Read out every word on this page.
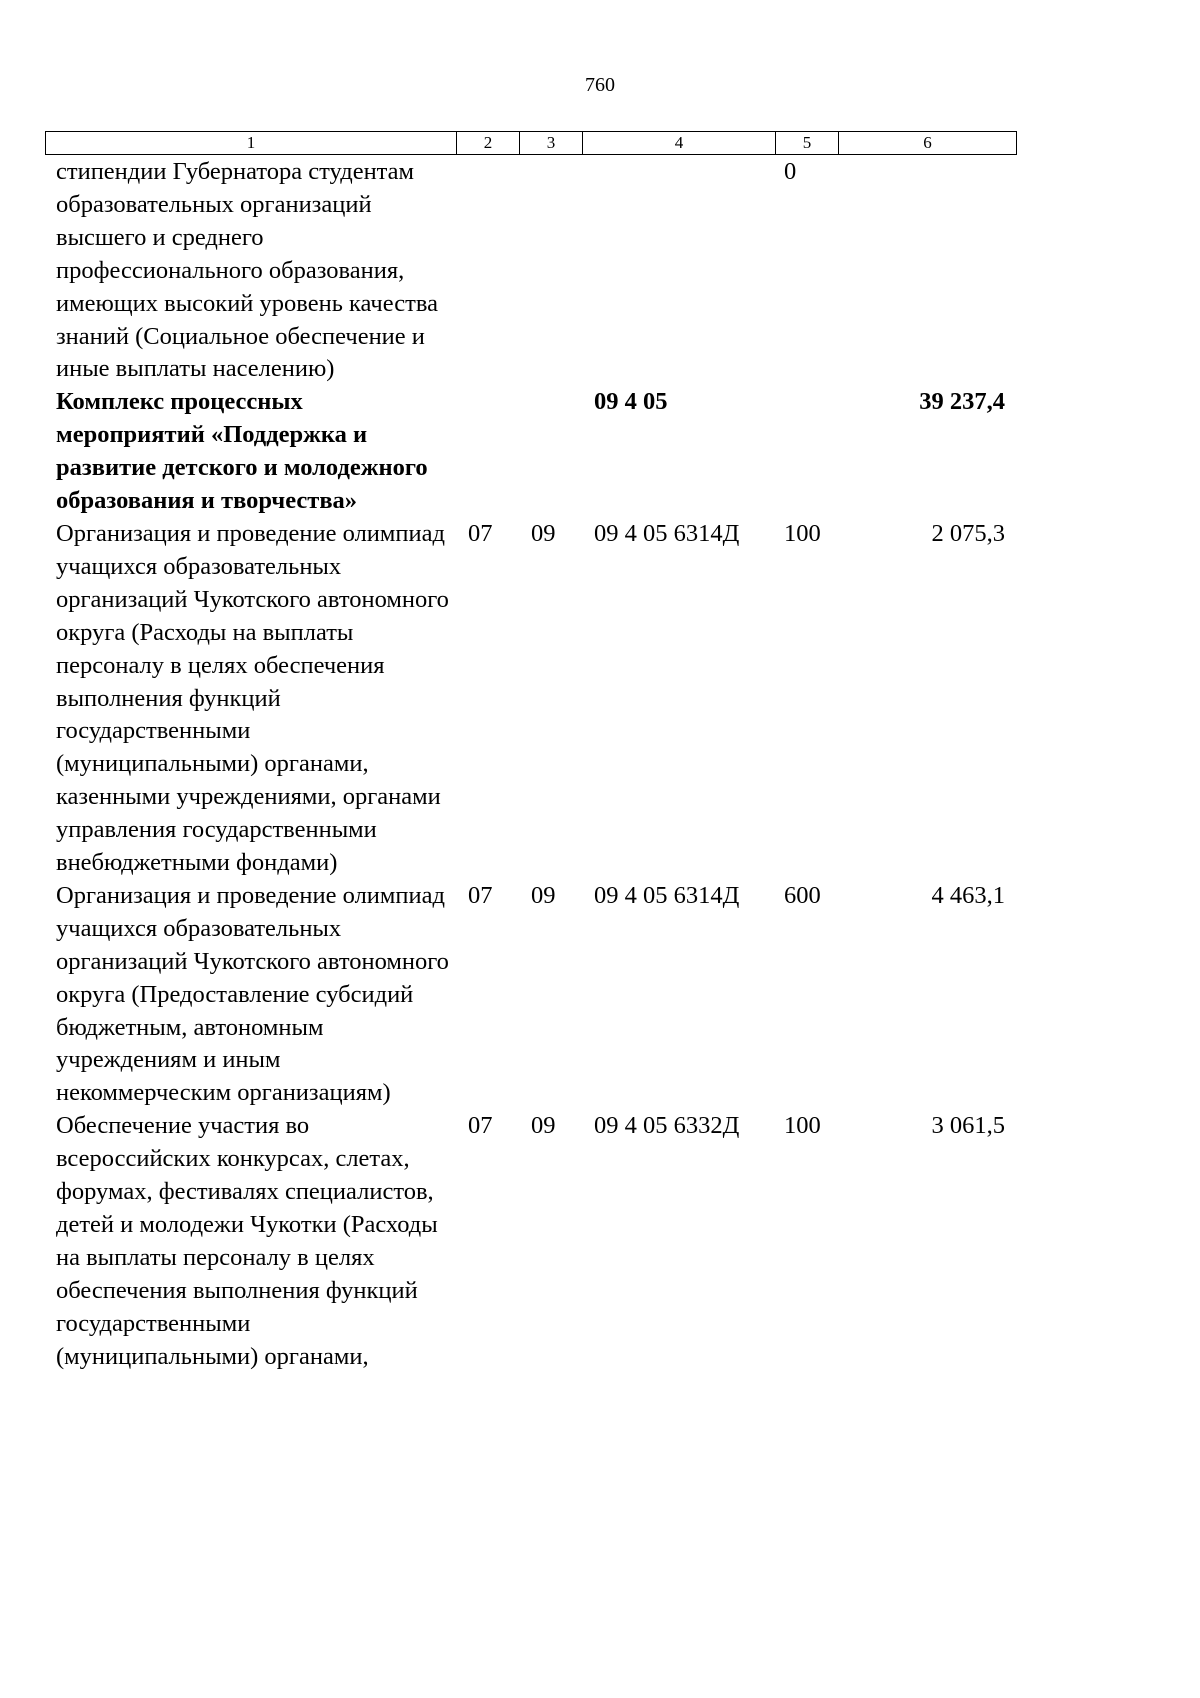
760
1	2	3	4	5	6
стипендии Губернатора студентам образовательных организаций высшего и среднего профессионального образования, имеющих высокий уровень качества знаний (Социальное обеспечение и иные выплаты населению)				0	
Комплекс процессных мероприятий «Поддержка и развитие детского и молодежного образования и творчества»			09 4 05		39 237,4
Организация и проведение олимпиад учащихся образовательных организаций Чукотского автономного округа (Расходы на выплаты персоналу в целях обеспечения выполнения функций государственными (муниципальными) органами, казенными учреждениями, органами управления государственными внебюджетными фондами)	07	09	09 4 05 6314Д	100	2 075,3
Организация и проведение олимпиад учащихся образовательных организаций Чукотского автономного округа (Предоставление субсидий бюджетным, автономным учреждениям и иным некоммерческим организациям)	07	09	09 4 05 6314Д	600	4 463,1
Обеспечение участия во всероссийских конкурсах, слетах, форумах, фестивалях специалистов, детей и молодежи Чукотки (Расходы на выплаты персоналу в целях обеспечения выполнения функций государственными (муниципальными) органами,	07	09	09 4 05 6332Д	100	3 061,5
